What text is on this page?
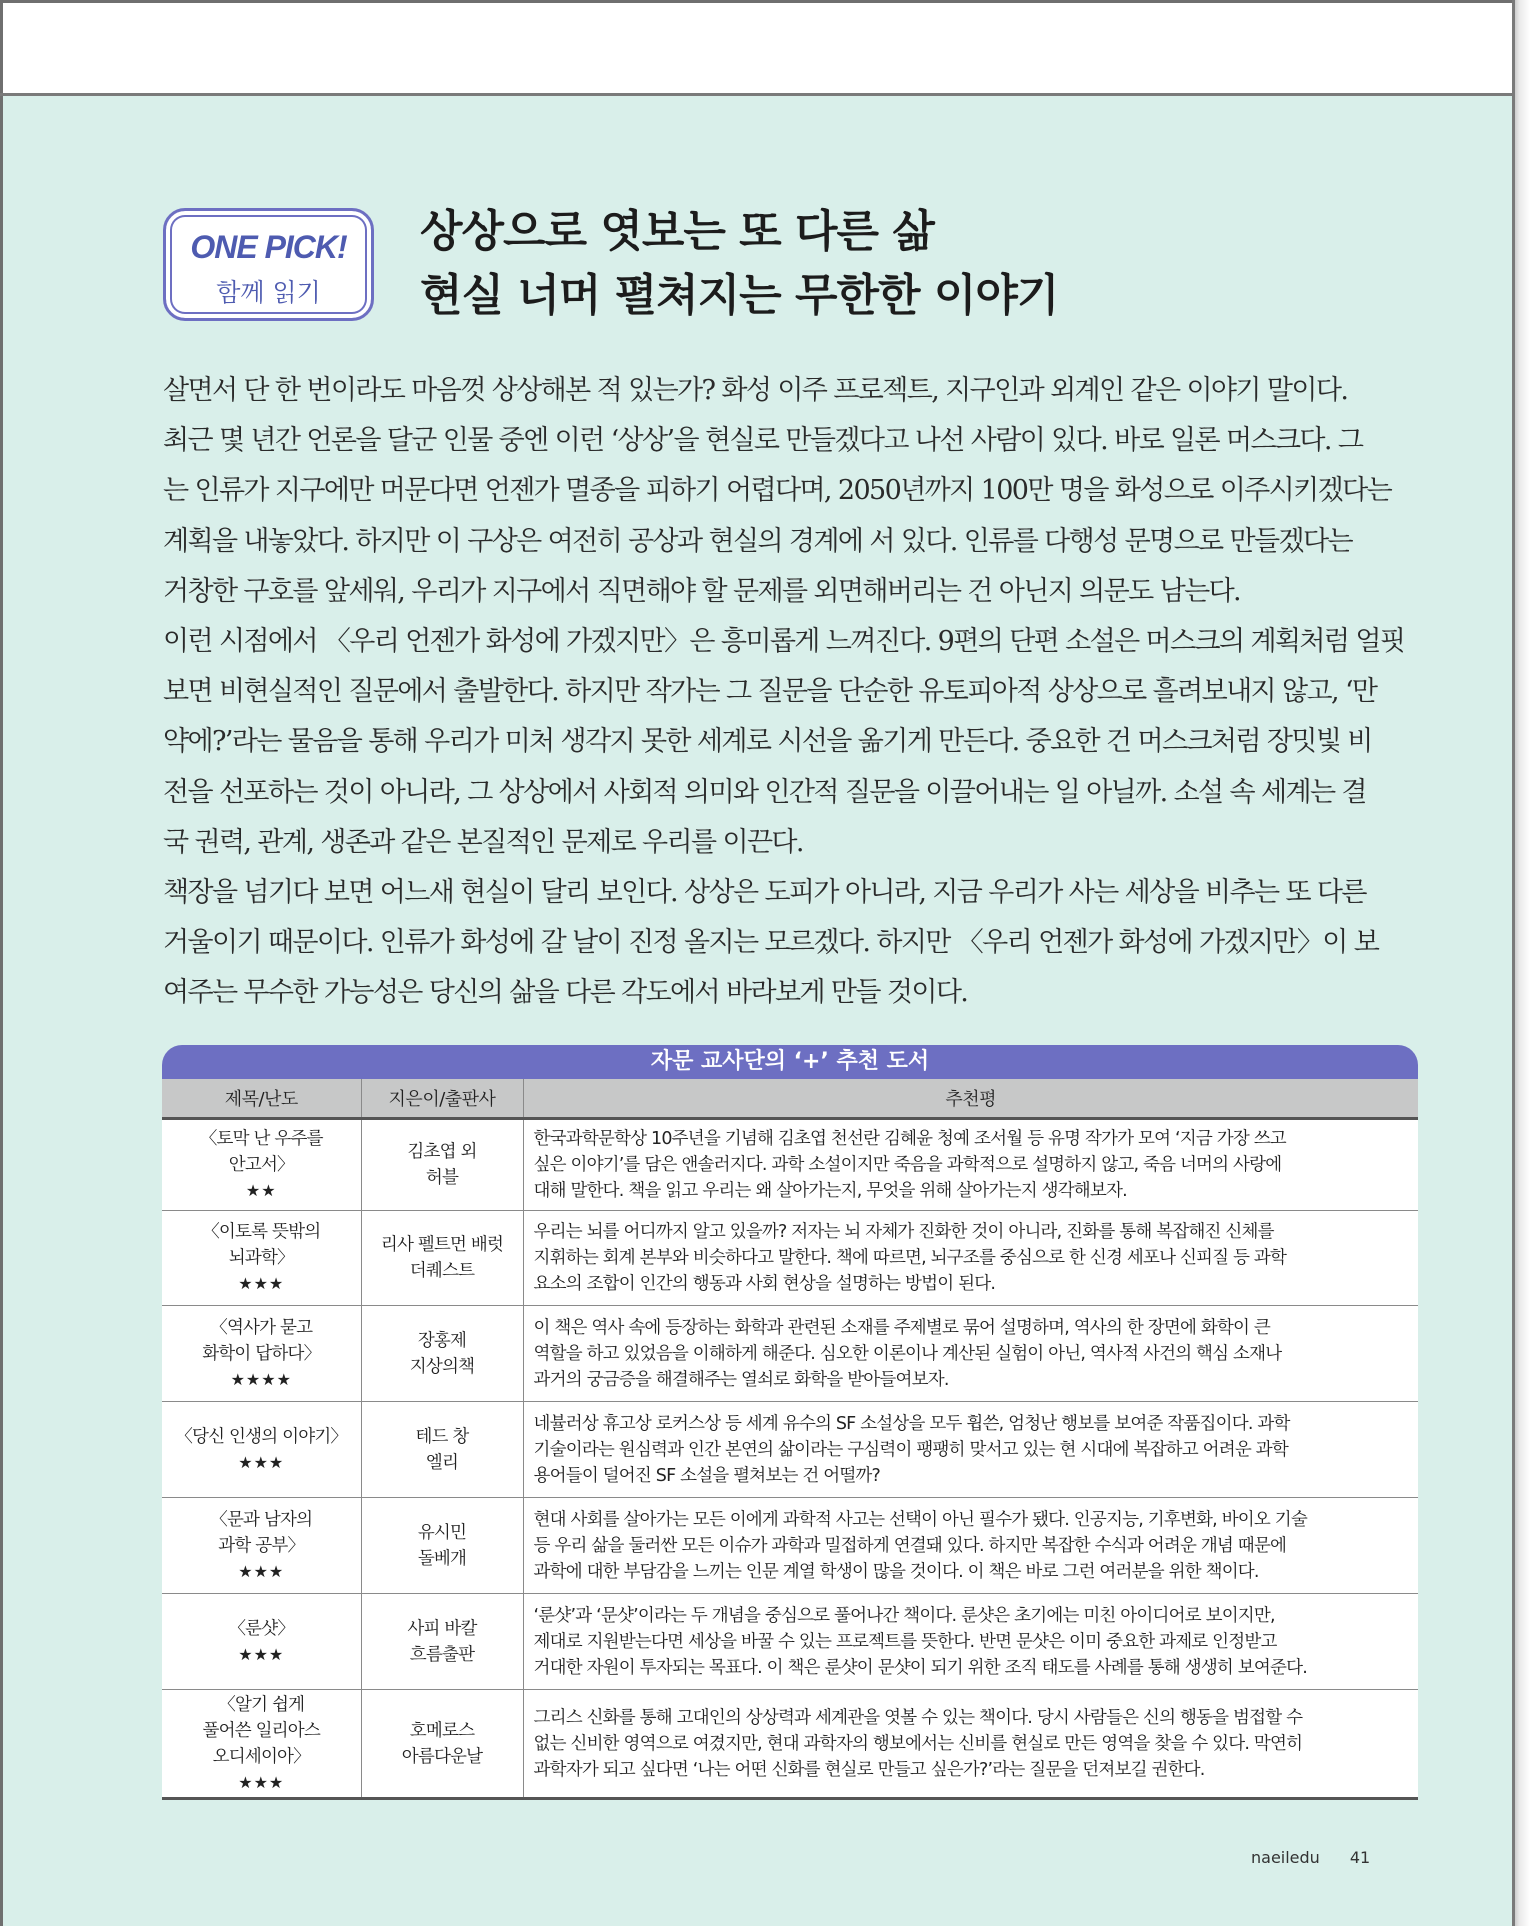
ONE PICK!
함께 읽기
상상으로 엿보는 또 다른 삶
현실 너머 펼쳐지는 무한한 이야기
살면서 단 한 번이라도 마음껏 상상해본 적 있는가? 화성 이주 프로젝트, 지구인과 외계인 같은 이야기 말이다.
최근 몇 년간 언론을 달군 인물 중엔 이런 ‘상상’을 현실로 만들겠다고 나선 사람이 있다. 바로 일론 머스크다. 그
는 인류가 지구에만 머문다면 언젠가 멸종을 피하기 어렵다며, 2050년까지 100만 명을 화성으로 이주시키겠다는
계획을 내놓았다. 하지만 이 구상은 여전히 공상과 현실의 경계에 서 있다. 인류를 다행성 문명으로 만들겠다는
거창한 구호를 앞세워, 우리가 지구에서 직면해야 할 문제를 외면해버리는 건 아닌지 의문도 남는다.
이런 시점에서 〈우리 언젠가 화성에 가겠지만〉은 흥미롭게 느껴진다. 9편의 단편 소설은 머스크의 계획처럼 얼핏
보면 비현실적인 질문에서 출발한다. 하지만 작가는 그 질문을 단순한 유토피아적 상상으로 흘려보내지 않고, ‘만
약에?’라는 물음을 통해 우리가 미처 생각지 못한 세계로 시선을 옮기게 만든다. 중요한 건 머스크처럼 장밋빛 비
전을 선포하는 것이 아니라, 그 상상에서 사회적 의미와 인간적 질문을 이끌어내는 일 아닐까. 소설 속 세계는 결
국 권력, 관계, 생존과 같은 본질적인 문제로 우리를 이끈다.
책장을 넘기다 보면 어느새 현실이 달리 보인다. 상상은 도피가 아니라, 지금 우리가 사는 세상을 비추는 또 다른
거울이기 때문이다. 인류가 화성에 갈 날이 진정 올지는 모르겠다. 하지만 〈우리 언젠가 화성에 가겠지만〉이 보
여주는 무수한 가능성은 당신의 삶을 다른 각도에서 바라보게 만들 것이다.
자문 교사단의 ‘+’ 추천 도서
제목/난도	지은이/출판사	추천평

〈토막 난 우주를
안고서〉
★★	김초엽 외
허블	한국과학문학상 10주년을 기념해 김초엽 천선란 김혜윤 청예 조서월 등 유명 작가가 모여 ‘지금 가장 쓰고
싶은 이야기’를 담은 앤솔러지다. 과학 소설이지만 죽음을 과학적으로 설명하지 않고, 죽음 너머의 사랑에
대해 말한다. 책을 읽고 우리는 왜 살아가는지, 무엇을 위해 살아가는지 생각해보자.

〈이토록 뜻밖의
뇌과학〉
★★★	리사 펠트먼 배럿
더퀘스트	우리는 뇌를 어디까지 알고 있을까? 저자는 뇌 자체가 진화한 것이 아니라, 진화를 통해 복잡해진 신체를
지휘하는 회계 본부와 비슷하다고 말한다. 책에 따르면, 뇌구조를 중심으로 한 신경 세포나 신피질 등 과학
요소의 조합이 인간의 행동과 사회 현상을 설명하는 방법이 된다.

〈역사가 묻고
화학이 답하다〉
★★★★	장홍제
지상의책	이 책은 역사 속에 등장하는 화학과 관련된 소재를 주제별로 묶어 설명하며, 역사의 한 장면에 화학이 큰
역할을 하고 있었음을 이해하게 해준다. 심오한 이론이나 계산된 실험이 아닌, 역사적 사건의 핵심 소재나
과거의 궁금증을 해결해주는 열쇠로 화학을 받아들여보자.

〈당신 인생의 이야기〉
★★★	테드 창
엘리	네뷸러상 휴고상 로커스상 등 세계 유수의 SF 소설상을 모두 휩쓴, 엄청난 행보를 보여준 작품집이다. 과학
기술이라는 원심력과 인간 본연의 삶이라는 구심력이 팽팽히 맞서고 있는 현 시대에 복잡하고 어려운 과학
용어들이 덜어진 SF 소설을 펼쳐보는 건 어떨까?

〈문과 남자의
과학 공부〉
★★★	유시민
돌베개	현대 사회를 살아가는 모든 이에게 과학적 사고는 선택이 아닌 필수가 됐다. 인공지능, 기후변화, 바이오 기술
등 우리 삶을 둘러싼 모든 이슈가 과학과 밀접하게 연결돼 있다. 하지만 복잡한 수식과 어려운 개념 때문에
과학에 대한 부담감을 느끼는 인문 계열 학생이 많을 것이다. 이 책은 바로 그런 여러분을 위한 책이다.

〈룬샷〉
★★★	사피 바칼
흐름출판	‘룬샷’과 ‘문샷’이라는 두 개념을 중심으로 풀어나간 책이다. 룬샷은 초기에는 미친 아이디어로 보이지만,
제대로 지원받는다면 세상을 바꿀 수 있는 프로젝트를 뜻한다. 반면 문샷은 이미 중요한 과제로 인정받고
거대한 자원이 투자되는 목표다. 이 책은 룬샷이 문샷이 되기 위한 조직 태도를 사례를 통해 생생히 보여준다.

〈알기 쉽게
풀어쓴 일리아스
오디세이아〉
★★★	호메로스
아름다운날	그리스 신화를 통해 고대인의 상상력과 세계관을 엿볼 수 있는 책이다. 당시 사람들은 신의 행동을 범접할 수
없는 신비한 영역으로 여겼지만, 현대 과학자의 행보에서는 신비를 현실로 만든 영역을 찾을 수 있다. 막연히
과학자가 되고 싶다면 ‘나는 어떤 신화를 현실로 만들고 싶은가?’라는 질문을 던져보길 권한다.
naeiledu 41
